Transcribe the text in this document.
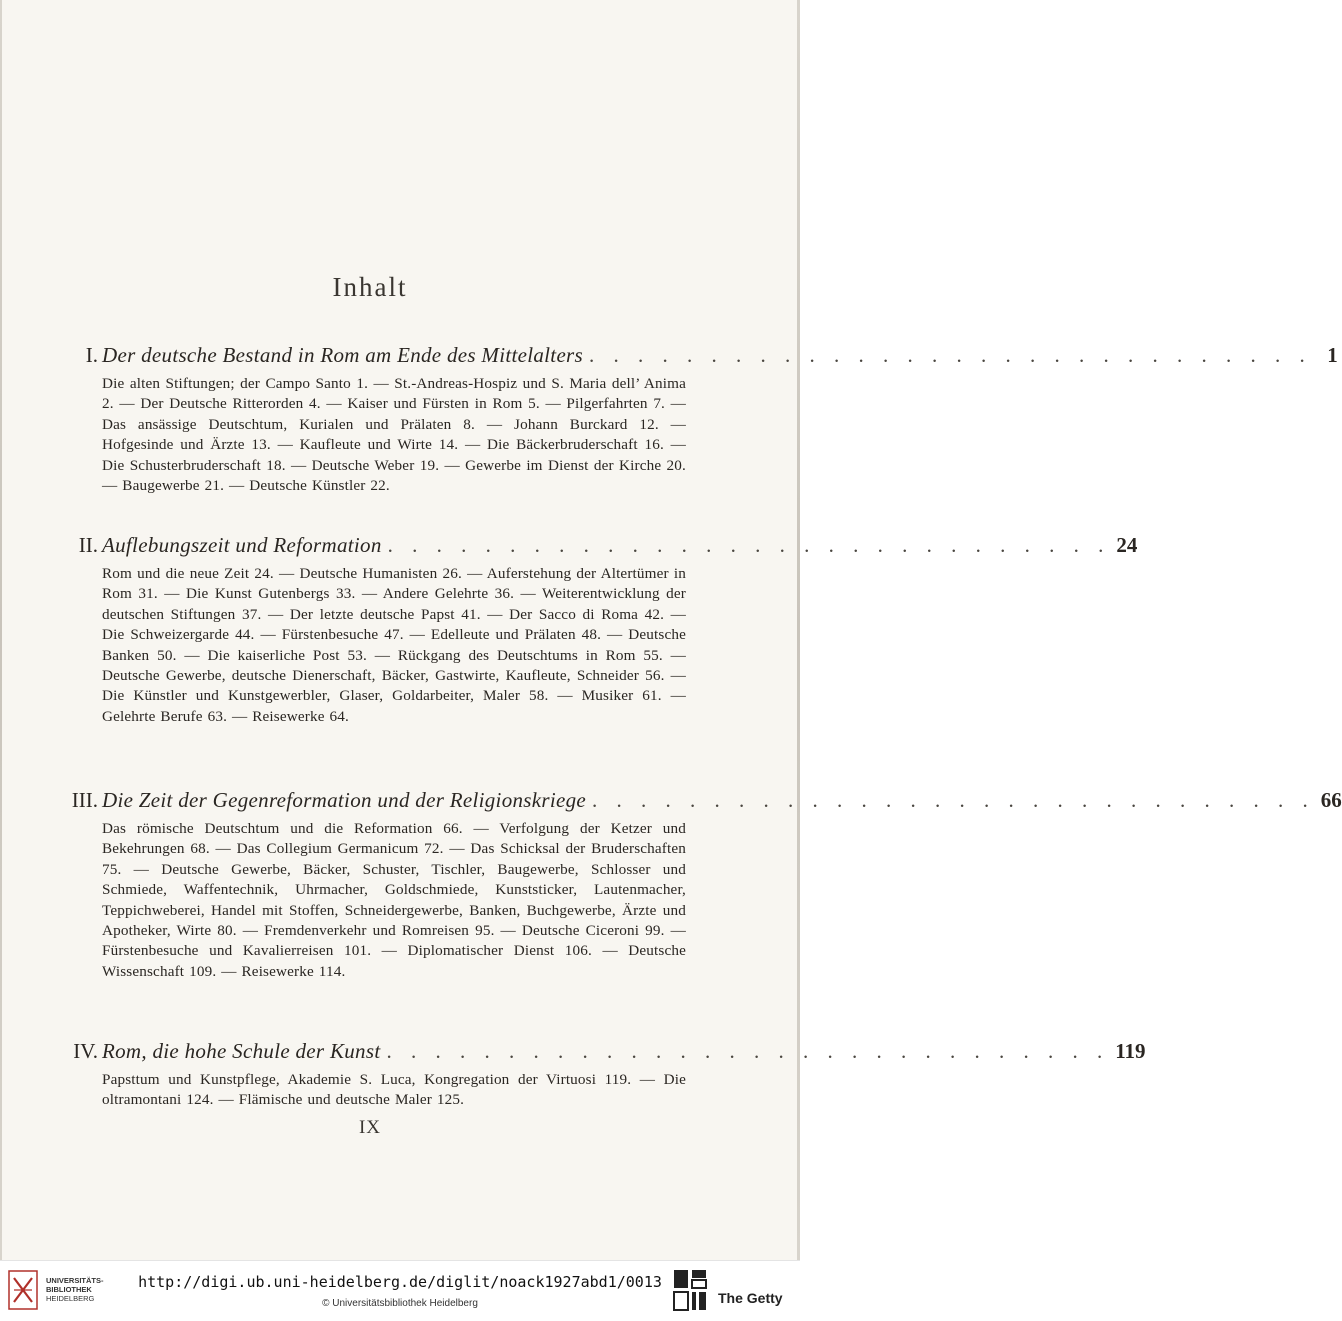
Inhalt
I. Der deutsche Bestand in Rom am Ende des Mittelalters . . . . . . . . . . . . . . . . . . . . . . . . . . . . . . 1
Die alten Stiftungen; der Campo Santo 1. — St.-Andreas-Hospiz und S. Maria dell’ Anima 2. — Der Deutsche Ritterorden 4. — Kaiser und Fürsten in Rom 5. — Pilgerfahrten 7. — Das ansässige Deutschtum, Kurialen und Prälaten 8. — Johann Burckard 12. — Hofgesinde und Ärzte 13. — Kaufleute und Wirte 14. — Die Bäckerbruderschaft 16. — Die Schusterbruderschaft 18. — Deutsche Weber 19. — Gewerbe im Dienst der Kirche 20. — Baugewerbe 21. — Deutsche Künstler 22.
II. Auflebungszeit und Reformation . . . . . . . . . . . . . . . . . . . . . . . . . . . . . . 24
Rom und die neue Zeit 24. — Deutsche Humanisten 26. — Auferstehung der Altertümer in Rom 31. — Die Kunst Gutenbergs 33. — Andere Gelehrte 36. — Weiterentwicklung der deutschen Stiftungen 37. — Der letzte deutsche Papst 41. — Der Sacco di Roma 42. — Die Schweizergarde 44. — Fürstenbesuche 47. — Edelleute und Prälaten 48. — Deutsche Banken 50. — Die kaiserliche Post 53. — Rückgang des Deutschtums in Rom 55. — Deutsche Gewerbe, deutsche Dienerschaft, Bäcker, Gastwirte, Kaufleute, Schneider 56. — Die Künstler und Kunstgewerbler, Glaser, Goldarbeiter, Maler 58. — Musiker 61. — Gelehrte Berufe 63. — Reisewerke 64.
III. Die Zeit der Gegenreformation und der Religionskriege . . . . . . . . . . . . . . . . . . . . . . . . . . . . . . 66
Das römische Deutschtum und die Reformation 66. — Verfolgung der Ketzer und Bekehrungen 68. — Das Collegium Germanicum 72. — Das Schicksal der Bruderschaften 75. — Deutsche Gewerbe, Bäcker, Schuster, Tischler, Baugewerbe, Schlosser und Schmiede, Waffentechnik, Uhrmacher, Goldschmiede, Kunststicker, Lautenmacher, Teppichweberei, Handel mit Stoffen, Schneidergewerbe, Banken, Buchgewerbe, Ärzte und Apotheker, Wirte 80. — Fremdenverkehr und Romreisen 95. — Deutsche Ciceroni 99. — Fürstenbesuche und Kavalierreisen 101. — Diplomatischer Dienst 106. — Deutsche Wissenschaft 109. — Reisewerke 114.
IV. Rom, die hohe Schule der Kunst . . . . . . . . . . . . . . . . . . . . . . . . . . . . . . 119
Papsttum und Kunstpflege, Akademie S. Luca, Kongregation der Virtuosi 119. — Die oltramontani 124. — Flämische und deutsche Maler 125.
IX
UNIVERSITÄTS-
BIBLIOTHEK
HEIDELBERG
http://digi.ub.uni-heidelberg.de/diglit/noack1927abd1/0013
© Universitätsbibliothek Heidelberg	The Getty
